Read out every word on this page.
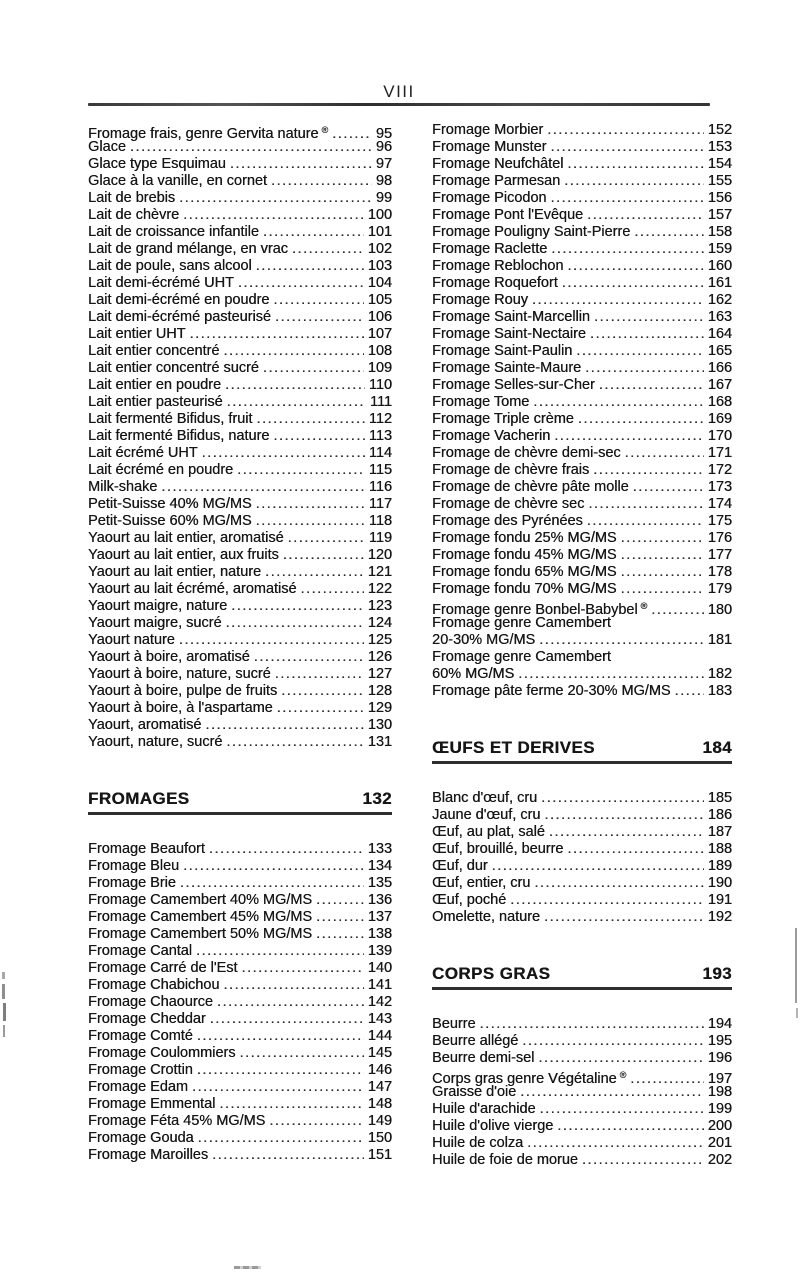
VIII
Fromage frais, genre Gervita nature ® .....	95
Glace .....	96
Glace type Esquimau .....	97
Glace à la vanille, en cornet .....	98
Lait de brebis .....	99
Lait de chèvre .....	100
Lait de croissance infantile .....	101
Lait de grand mélange, en vrac .....	102
Lait de poule, sans alcool .....	103
Lait demi-écrémé UHT .....	104
Lait demi-écrémé en poudre .....	105
Lait demi-écrémé pasteurisé .....	106
Lait entier UHT .....	107
Lait entier concentré .....	108
Lait entier concentré sucré .....	109
Lait entier en poudre .....	110
Lait entier pasteurisé .....	111
Lait fermenté Bifidus, fruit .....	112
Lait fermenté Bifidus, nature .....	113
Lait écrémé UHT .....	114
Lait écrémé en poudre .....	115
Milk-shake .....	116
Petit-Suisse 40% MG/MS .....	117
Petit-Suisse 60% MG/MS .....	118
Yaourt au lait entier, aromatisé .....	119
Yaourt au lait entier, aux fruits .....	120
Yaourt au lait entier, nature .....	121
Yaourt au lait écrémé, aromatisé .....	122
Yaourt maigre, nature .....	123
Yaourt maigre, sucré .....	124
Yaourt nature .....	125
Yaourt à boire, aromatisé .....	126
Yaourt à boire, nature, sucré .....	127
Yaourt à boire, pulpe de fruits .....	128
Yaourt à boire, à l'aspartame .....	129
Yaourt, aromatisé .....	130
Yaourt, nature, sucré .....	131
FROMAGES	132
Fromage Beaufort .....	133
Fromage Bleu .....	134
Fromage Brie .....	135
Fromage Camembert 40% MG/MS .....	136
Fromage Camembert 45% MG/MS .....	137
Fromage Camembert 50% MG/MS .....	138
Fromage Cantal .....	139
Fromage Carré de l'Est .....	140
Fromage Chabichou .....	141
Fromage Chaource .....	142
Fromage Cheddar .....	143
Fromage Comté .....	144
Fromage Coulommiers .....	145
Fromage Crottin .....	146
Fromage Edam .....	147
Fromage Emmental .....	148
Fromage Féta 45% MG/MS .....	149
Fromage Gouda .....	150
Fromage Maroilles .....	151
Fromage Morbier .....	152
Fromage Munster .....	153
Fromage Neufchâtel .....	154
Fromage Parmesan .....	155
Fromage Picodon .....	156
Fromage Pont l'Evêque .....	157
Fromage Pouligny Saint-Pierre .....	158
Fromage Raclette .....	159
Fromage Reblochon .....	160
Fromage Roquefort .....	161
Fromage Rouy .....	162
Fromage Saint-Marcellin .....	163
Fromage Saint-Nectaire .....	164
Fromage Saint-Paulin .....	165
Fromage Sainte-Maure .....	166
Fromage Selles-sur-Cher .....	167
Fromage Tome .....	168
Fromage Triple crème .....	169
Fromage Vacherin .....	170
Fromage de chèvre demi-sec .....	171
Fromage de chèvre frais .....	172
Fromage de chèvre pâte molle .....	173
Fromage de chèvre sec .....	174
Fromage des Pyrénées .....	175
Fromage fondu 25% MG/MS .....	176
Fromage fondu 45% MG/MS .....	177
Fromage fondu 65% MG/MS .....	178
Fromage fondu 70% MG/MS .....	179
Fromage genre Bonbel-Babybel ® .....	180
Fromage genre Camembert
20-30% MG/MS .....	181
Fromage genre Camembert
60% MG/MS .....	182
Fromage pâte ferme 20-30% MG/MS .....	183
ŒUFS ET DERIVES	184
Blanc d'œuf, cru .....	185
Jaune d'œuf, cru .....	186
Œuf, au plat, salé .....	187
Œuf, brouillé, beurre .....	188
Œuf, dur .....	189
Œuf, entier, cru .....	190
Œuf, poché .....	191
Omelette, nature .....	192
CORPS GRAS	193
Beurre .....	194
Beurre allégé .....	195
Beurre demi-sel .....	196
Corps gras genre Végétaline ® .....	197
Graisse d'oie .....	198
Huile d'arachide .....	199
Huile d'olive vierge .....	200
Huile de colza .....	201
Huile de foie de morue .....	202
